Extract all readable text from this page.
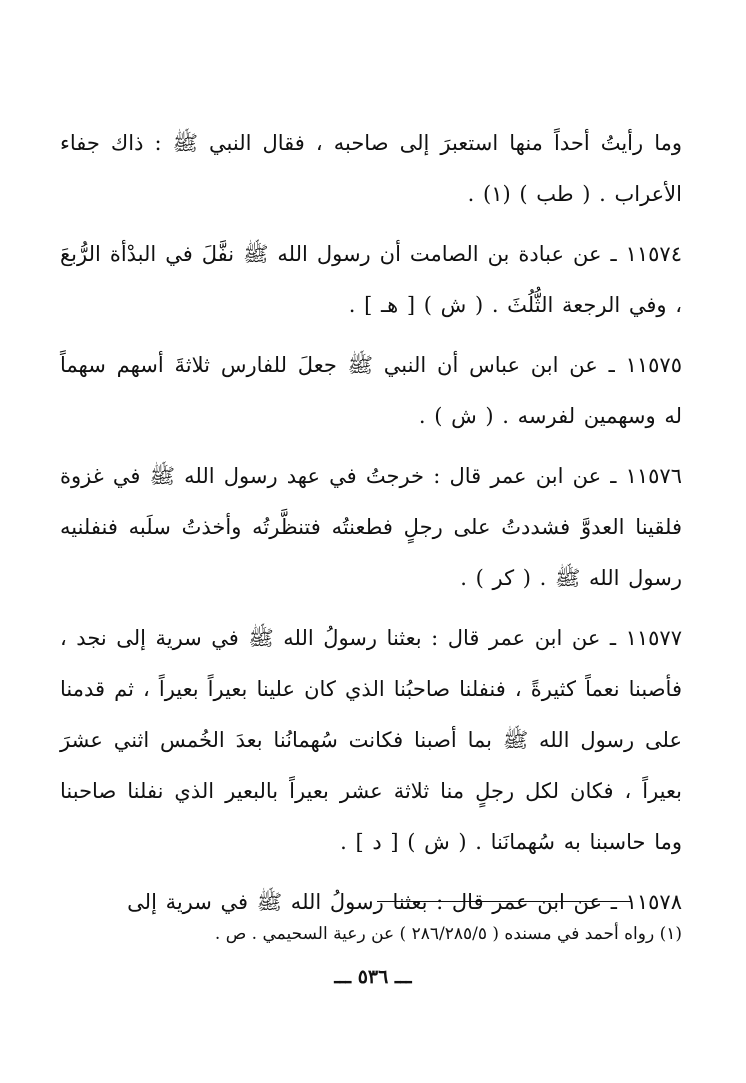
وما رأيتُ أحداً منها استعبرَ إلى صاحبه ، فقال النبي ﷺ : ذاك جفاء الأعراب . ( طب ) (١) .

١١٥٧٤ ـ عن عبادة بن الصامت أن رسول الله ﷺ نفَّلَ في البدْأة الرُّبعَ ، وفي الرجعة الثُّلُثَ . ( ش ) [ هـ ] .

١١٥٧٥ ـ عن ابن عباس أن النبي ﷺ جعلَ للفارس ثلاثةَ أسهم سهماً له وسهمين لفرسه . ( ش ) .

١١٥٧٦ ـ عن ابن عمر قال : خرجتُ في عهد رسول الله ﷺ في غزوة فلقينا العدوَّ فشددتُ على رجلٍ فطعنتُه فتنظَّرتُه وأخذتُ سلَبه فنفلنيه رسول الله ﷺ . ( كر ) .

١١٥٧٧ ـ عن ابن عمر قال : بعثنا رسولُ الله ﷺ في سرية إلى نجد ، فأصبنا نعماً كثيرةً ، فنفلنا صاحبُنا الذي كان علينا بعيراً بعيراً ، ثم قدمنا على رسول الله ﷺ بما أصبنا فكانت سُهمانُنا بعدَ الخُمس اثني عشرَ بعيراً ، فكان لكل رجلٍ منا ثلاثة عشر بعيراً بالبعير الذي نفلنا صاحبنا وما حاسبنا به سُهمانَنا . ( ش ) [ د ] .

١١٥٧٨ ـ عن ابن عمر قال : بعثنا رسولُ الله ﷺ في سرية إلى

(١) رواه أحمد في مسنده ( ٢٨٦/٢٨٥/٥ ) عن رعية السحيمي . ص .
ـــ ٥٣٦ ـــ
